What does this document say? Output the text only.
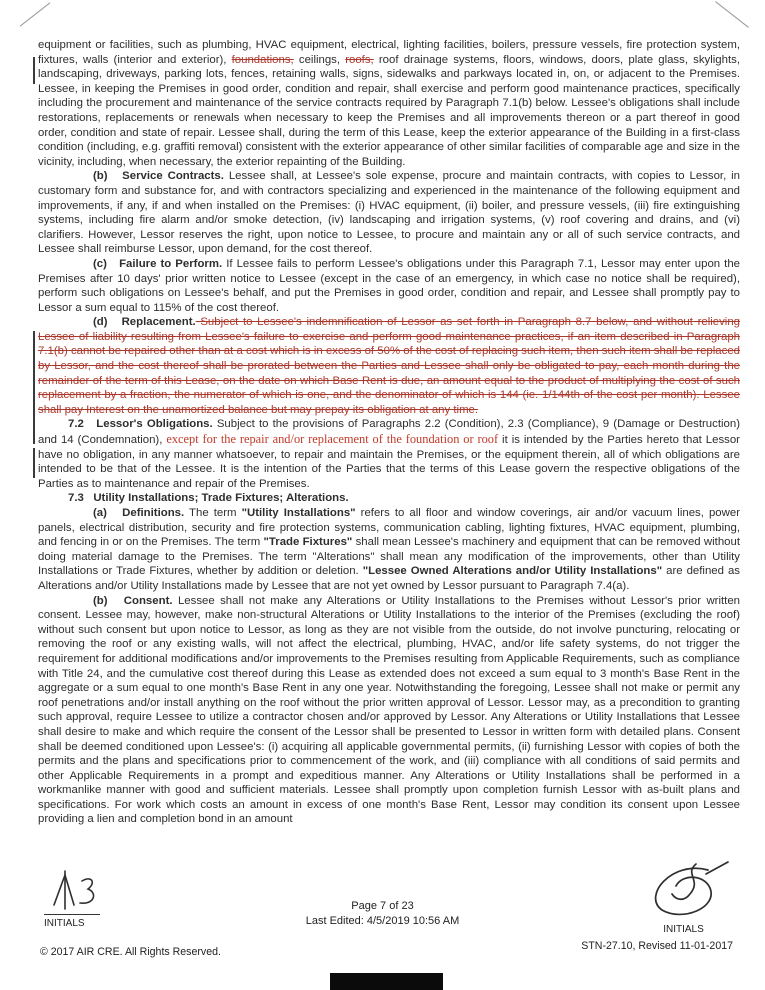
equipment or facilities, such as plumbing, HVAC equipment, electrical, lighting facilities, boilers, pressure vessels, fire protection system, fixtures, walls (interior and exterior), foundations, ceilings, roofs, roof drainage systems, floors, windows, doors, plate glass, skylights, landscaping, driveways, parking lots, fences, retaining walls, signs, sidewalks and parkways located in, on, or adjacent to the Premises. Lessee, in keeping the Premises in good order, condition and repair, shall exercise and perform good maintenance practices, specifically including the procurement and maintenance of the service contracts required by Paragraph 7.1(b) below. Lessee's obligations shall include restorations, replacements or renewals when necessary to keep the Premises and all improvements thereon or a part thereof in good order, condition and state of repair. Lessee shall, during the term of this Lease, keep the exterior appearance of the Building in a first-class condition (including, e.g. graffiti removal) consistent with the exterior appearance of other similar facilities of comparable age and size in the vicinity, including, when necessary, the exterior repainting of the Building.

(b)   Service Contracts. Lessee shall, at Lessee's sole expense, procure and maintain contracts, with copies to Lessor, in customary form and substance for, and with contractors specializing and experienced in the maintenance of the following equipment and improvements, if any, if and when installed on the Premises: (i) HVAC equipment, (ii) boiler, and pressure vessels, (iii) fire extinguishing systems, including fire alarm and/or smoke detection, (iv) landscaping and irrigation systems, (v) roof covering and drains, and (vi) clarifiers. However, Lessor reserves the right, upon notice to Lessee, to procure and maintain any or all of such service contracts, and Lessee shall reimburse Lessor, upon demand, for the cost thereof.

(c)   Failure to Perform. If Lessee fails to perform Lessee's obligations under this Paragraph 7.1, Lessor may enter upon the Premises after 10 days' prior written notice to Lessee (except in the case of an emergency, in which case no notice shall be required), perform such obligations on Lessee's behalf, and put the Premises in good order, condition and repair, and Lessee shall promptly pay to Lessor a sum equal to 115% of the cost thereof.

(d)   Replacement. Subject to Lessee's indemnification of Lessor as set forth in Paragraph 8.7 below, and without relieving Lessee of liability resulting from Lessee's failure to exercise and perform good maintenance practices, if an item described in Paragraph 7.1(b) cannot be repaired other than at a cost which is in excess of 50% of the cost of replacing such item, then such item shall be replaced by Lessor, and the cost thereof shall be prorated between the Parties and Lessee shall only be obligated to pay, each month during the remainder of the term of this Lease, on the date on which Base Rent is due, an amount equal to the product of multiplying the cost of such replacement by a fraction, the numerator of which is one, and the denominator of which is 144 (ie. 1/144th of the cost per month). Lessee shall pay Interest on the unamortized balance but may prepay its obligation at any time.

7.2   Lessor's Obligations. Subject to the provisions of Paragraphs 2.2 (Condition), 2.3 (Compliance), 9 (Damage or Destruction) and 14 (Condemnation), except for the repair and/or replacement of the foundation or roof it is intended by the Parties hereto that Lessor have no obligation, in any manner whatsoever, to repair and maintain the Premises, or the equipment therein, all of which obligations are intended to be that of the Lessee. It is the intention of the Parties that the terms of this Lease govern the respective obligations of the Parties as to maintenance and repair of the Premises.

7.3   Utility Installations; Trade Fixtures; Alterations.

(a)   Definitions. The term "Utility Installations" refers to all floor and window coverings, air and/or vacuum lines, power panels, electrical distribution, security and fire protection systems, communication cabling, lighting fixtures, HVAC equipment, plumbing, and fencing in or on the Premises. The term "Trade Fixtures" shall mean Lessee's machinery and equipment that can be removed without doing material damage to the Premises. The term "Alterations" shall mean any modification of the improvements, other than Utility Installations or Trade Fixtures, whether by addition or deletion. "Lessee Owned Alterations and/or Utility Installations" are defined as Alterations and/or Utility Installations made by Lessee that are not yet owned by Lessor pursuant to Paragraph 7.4(a).

(b)   Consent. Lessee shall not make any Alterations or Utility Installations to the Premises without Lessor's prior written consent. Lessee may, however, make non-structural Alterations or Utility Installations to the interior of the Premises (excluding the roof) without such consent but upon notice to Lessor, as long as they are not visible from the outside, do not involve puncturing, relocating or removing the roof or any existing walls, will not affect the electrical, plumbing, HVAC, and/or life safety systems, do not trigger the requirement for additional modifications and/or improvements to the Premises resulting from Applicable Requirements, such as compliance with Title 24, and the cumulative cost thereof during this Lease as extended does not exceed a sum equal to 3 month's Base Rent in the aggregate or a sum equal to one month's Base Rent in any one year. Notwithstanding the foregoing, Lessee shall not make or permit any roof penetrations and/or install anything on the roof without the prior written approval of Lessor. Lessor may, as a precondition to granting such approval, require Lessee to utilize a contractor chosen and/or approved by Lessor. Any Alterations or Utility Installations that Lessee shall desire to make and which require the consent of the Lessor shall be presented to Lessor in written form with detailed plans. Consent shall be deemed conditioned upon Lessee's: (i) acquiring all applicable governmental permits, (ii) furnishing Lessor with copies of both the permits and the plans and specifications prior to commencement of the work, and (iii) compliance with all conditions of said permits and other Applicable Requirements in a prompt and expeditious manner. Any Alterations or Utility Installations shall be performed in a workmanlike manner with good and sufficient materials. Lessee shall promptly upon completion furnish Lessor with as-built plans and specifications. For work which costs an amount in excess of one month's Base Rent, Lessor may condition its consent upon Lessee providing a lien and completion bond in an amount

Page 7 of 23
Last Edited: 4/5/2019 10:56 AM
INITIALS
INITIALS
© 2017 AIR CRE. All Rights Reserved.	STN-27.10, Revised 11-01-2017
